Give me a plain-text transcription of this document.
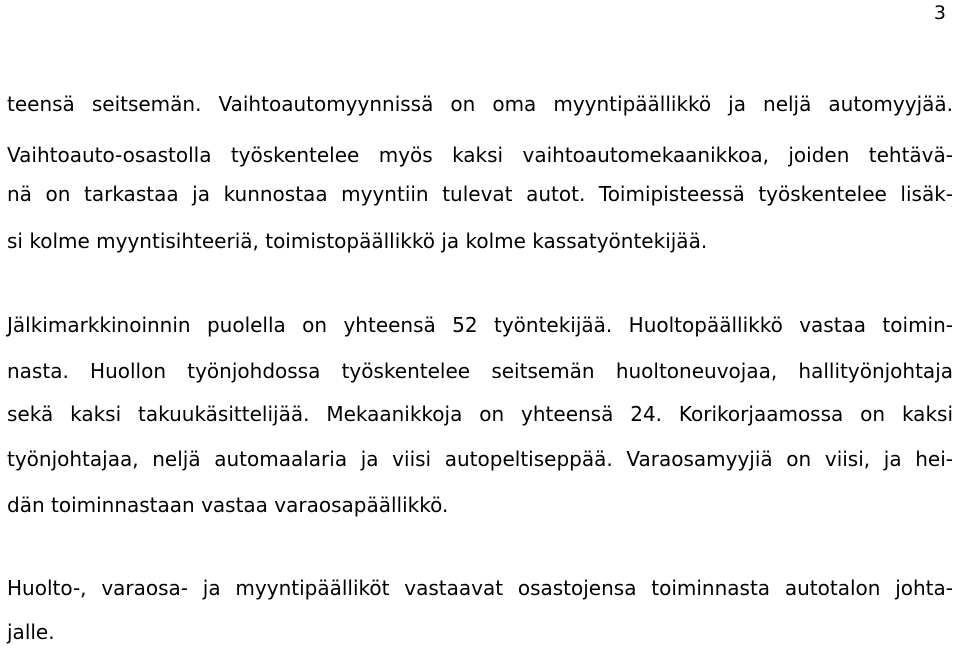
3
teensä seitsemän. Vaihtoautomyynnissä on oma myyntipäällikkö ja neljä automyyjää.
Vaihtoauto-osastolla työskentelee myös kaksi vaihtoautomekaanikkoa, joiden tehtävä-
nä on tarkastaa ja kunnostaa myyntiin tulevat autot. Toimipisteessä työskentelee lisäk-
si kolme myyntisihteeriä, toimistopäällikkö ja kolme kassatyöntekijää.
Jälkimarkkinoinnin puolella on yhteensä 52 työntekijää. Huoltopäällikkö vastaa toimin-
nasta. Huollon työnjohdossa työskentelee seitsemän huoltoneuvojaa, hallityönjohtaja
sekä kaksi takuukäsittelijää. Mekaanikkoja on yhteensä 24. Korikorjaamossa on kaksi
työnjohtajaa, neljä automaalaria ja viisi autopeltiseppää. Varaosamyyjiä on viisi, ja hei-
dän toiminnastaan vastaa varaosapäällikkö.
Huolto-, varaosa- ja myyntipäälliköt vastaavat osastojensa toiminnasta autotalon johta-
jalle.
